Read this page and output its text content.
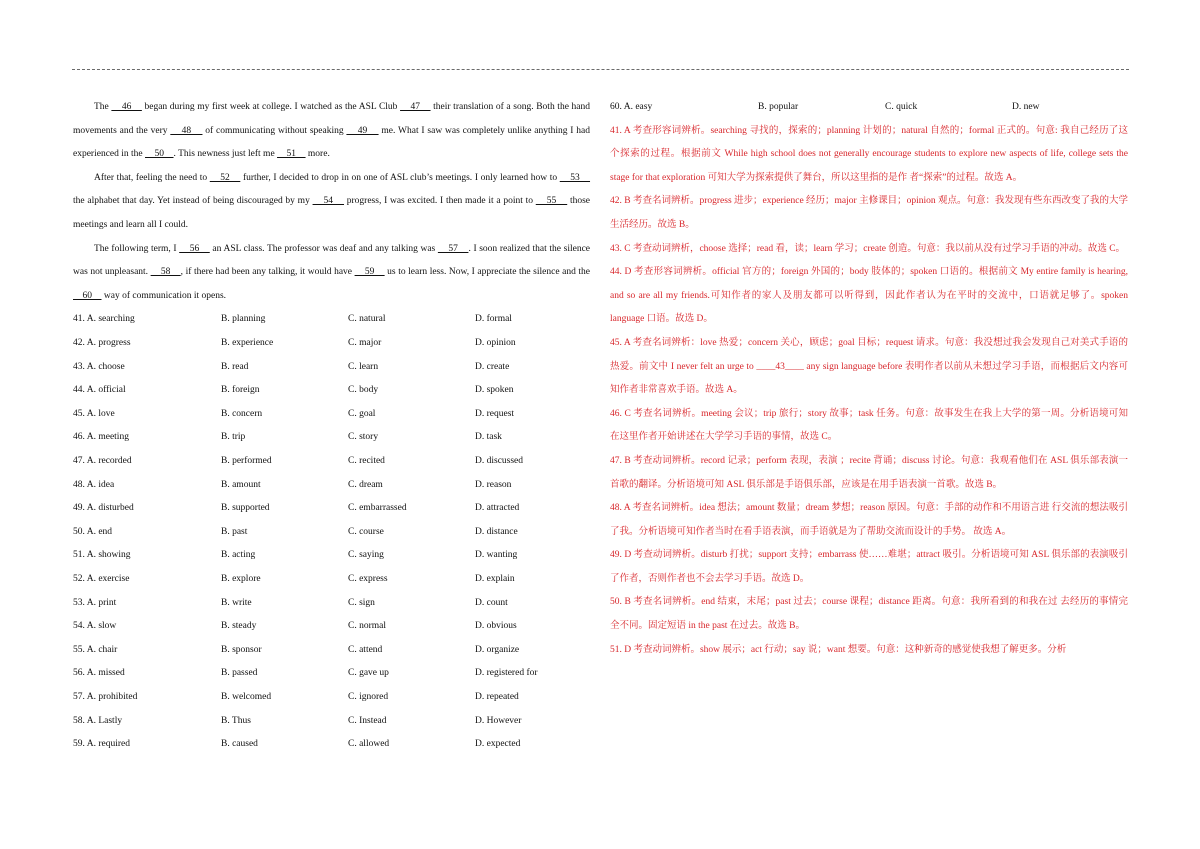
The     46     began during my first week at college. I watched as the ASL Club     47     their translation of a song. Both the hand movements and the very     48     of communicating without speaking     49     me. What I saw was completely unlike anything I had experienced in the     50    . This newness just left me     51     more.

After that, feeling the need to     52     further, I decided to drop in on one of ASL club’s meetings. I only learned how to     53     the alphabet that day. Yet instead of being discouraged by my     54     progress, I was excited. I then made it a point to     55     those meetings and learn all I could.

The following term, I     56     an ASL class. The professor was deaf and any talking was     57    . I soon realized that the silence was not unpleasant.     58    , if there had been any talking, it would have     59     us to learn less. Now, I appreciate the silence and the     60     way of communication it opens.

41. A. searching	B. planning	C. natural	D. formal
42. A. progress	B. experience	C. major	D. opinion
43. A. choose	B. read	C. learn	D. create
44. A. official	B. foreign	C. body	D. spoken
45. A. love	B. concern	C. goal	D. request
46. A. meeting	B. trip	C. story	D. task
47. A. recorded	B. performed	C. recited	D. discussed
48. A. idea	B. amount	C. dream	D. reason
49. A. disturbed	B. supported	C. embarrassed	D. attracted
50. A. end	B. past	C. course	D. distance
51. A. showing	B. acting	C. saying	D. wanting
52. A. exercise	B. explore	C. express	D. explain
53. A. print	B. write	C. sign	D. count
54. A. slow	B. steady	C. normal	D. obvious
55. A. chair	B. sponsor	C. attend	D. organize
56. A. missed	B. passed	C. gave up	D. registered for
57. A. prohibited	B. welcomed	C. ignored	D. repeated
58. A. Lastly	B. Thus	C. Instead	D. However
59. A. required	B. caused	C. allowed	D. expected
60. A. easy	B. popular	C. quick	D. new

41. A 考查形容词辨析。searching 寻找的，探索的；planning 计划的；natural 自然的；formal 正式的。句意: 我自己经历了这个探索的过程。根据前文 While high school does not generally encourage students to explore new aspects of life, college sets the stage for that exploration 可知大学为探索提供了舞台，所以这里指的是作 者“探索”的过程。故选 A。

42. B 考查名词辨析。progress 进步；experience 经历；major 主修课目；opinion 观点。句意：我发现有些东西改变了我的大学生活经历。故选 B。

43. C 考查动词辨析，choose 选择；read 看，读；learn 学习；create 创造。句意：我以前从没有过学习手语的冲动。故选 C。

44. D 考查形容词辨析。official 官方的；foreign 外国的；body 肢体的；spoken 口语的。根据前文 My entire family is hearing, and so are all my friends.可知作者的家人及朋友都可以听得到，因此作者认为在平时的交流中，口语就足够了。spoken language 口语。故选 D。

45. A 考查名词辨析：love 热爱；concern 关心，顾虑；goal 目标；request 请求。句意：我没想过我会发现自己对美式手语的热爱。前文中 I never felt an urge to ____43____ any sign language before 表明作者以前从未想过学习手语，而根据后文内容可知作者非常喜欢手语。故选 A。

46. C 考查名词辨析。meeting 会议；trip 旅行；story 故事；task 任务。句意：故事发生在我上大学的第一周。分析语境可知在这里作者开始讲述在大学学习手语的事情，故选 C。

47. B 考查动词辨析。record 记录；perform 表现，表演 ；recite 背诵；discuss 讨论。句意：我观看他们在 ASL 俱乐部表演一首歌的翻译。分析语境可知 ASL 俱乐部是手语俱乐部，应该是在用手语表演一首歌。故选 B。

48. A 考查名词辨析。idea 想法；amount 数量；dream 梦想；reason 原因。句意：手部的动作和不用语言进 行交流的想法吸引了我。分析语境可知作者当时在看手语表演，而手语就是为了帮助交流而设计的手势。 故选 A。

49. D 考查动词辨析。disturb 打扰；support 支持；embarrass 使……难堪；attract 吸引。分析语境可知 ASL 俱乐部的表演吸引了作者，否则作者也不会去学习手语。故选 D。

50. B 考查名词辨析。end 结束，末尾；past 过去；course 课程；distance 距离。句意：我所看到的和我在过 去经历的事情完全不同。固定短语 in the past 在过去。故选 B。

51. D 考查动词辨析。show 展示；act 行动；say 说；want 想要。句意：这种新奇的感觉使我想了解更多。分析
